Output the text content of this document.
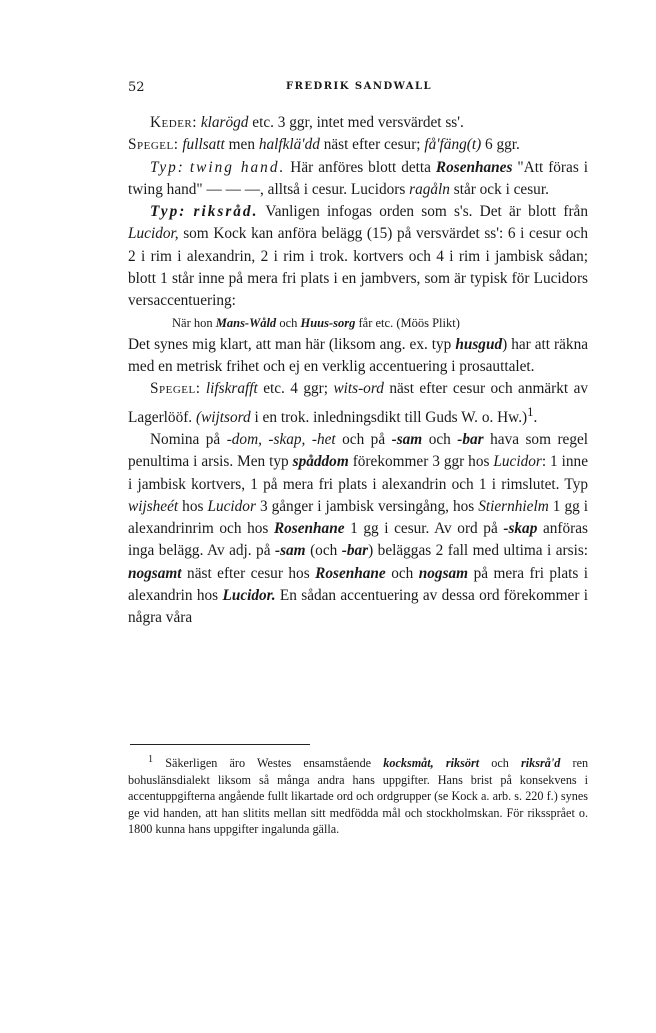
52	FREDRIK SANDWALL

Keder: klarögd etc. 3 ggr, intet med versvärdet ss'.
Spegel: fullsatt men halfklä'dd näst efter cesur; få'fäng(t) 6 ggr.

Typ: twing hand. Här anföres blott detta Rosenhanes "Att föras i twing hand" — — —, alltså i cesur. Lucidors ragåln står ock i cesur.

Typ: riksråd. Vanligen infogas orden som s's. Det är blott från Lucidor, som Kock kan anföra belägg (15) på versvärdet ss': 6 i cesur och 2 i rim i alexandrin, 2 i rim i trok. kortvers och 4 i rim i jambisk sådan; blott 1 står inne på mera fri plats i en jambvers, som är typisk för Lucidors versaccentuering:

När hon Mans-Wåld och Huus-sorg får etc. (Möös Plikt)

Det synes mig klart, att man här (liksom ang. ex. typ husgud) har att räkna med en metrisk frihet och ej en verklig accentuering i prosauttalet.

Spegel: lifskrafft etc. 4 ggr; wits-ord näst efter cesur och anmärkt av Lagerlööf. (wijtsord i en trok. inledningsdikt till Guds W. o. Hw.)$^1$.

Nomina på -dom, -skap, -het och på -sam och -bar hava som regel penultima i arsis. Men typ spåddom förekommer 3 ggr hos Lucidor: 1 inne i jambisk kortvers, 1 på mera fri plats i alexandrin och 1 i rimslutet. Typ wijsheét hos Lucidor 3 gånger i jambisk versingång, hos Stiernhielm 1 gg i alexandrinrim och hos Rosenhane 1 gg i cesur. Av ord på -skap anföras inga belägg. Av adj. på -sam (och -bar) beläggas 2 fall med ultima i arsis: nogsamt näst efter cesur hos Rosenhane och nogsam på mera fri plats i alexandrin hos Lucidor. En sådan accentuering av dessa ord förekommer i några våra

$^1$ Säkerligen äro Westes ensamstående kocksmåt, riksört och riksrå'd ren bohuslänsdialekt liksom så många andra hans uppgifter. Hans brist på konsekvens i accentuppgifterna angående fullt likartade ord och ordgrupper (se Kock a. arb. s. 220 f.) synes ge vid handen, att han slitits mellan sitt medfödda mål och stockholmskan. För rikssprået o. 1800 kunna hans uppgifter ingalunda gälla.
